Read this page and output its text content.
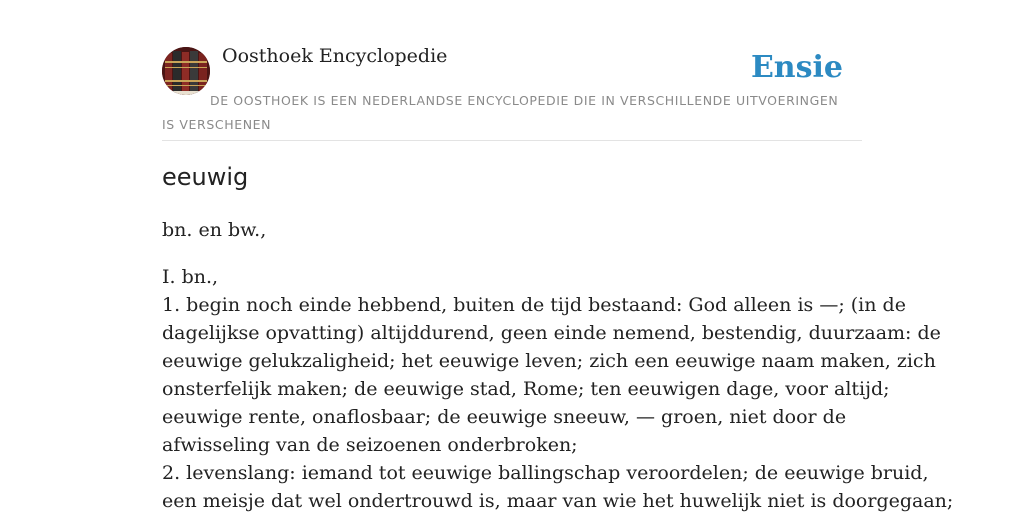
Oosthoek Encyclopedie	Ensie
DE OOSTHOEK IS EEN NEDERLANDSE ENCYCLOPEDIE DIE IN VERSCHILLENDE UITVOERINGEN IS VERSCHENEN
eeuwig

bn. en bw.,

I. bn.,
1. begin noch einde hebbend, buiten de tijd bestaand: God alleen is —; (in de
dagelijkse opvatting) altijddurend, geen einde nemend, bestendig, duurzaam: de
eeuwige gelukzaligheid; het eeuwige leven; zich een eeuwige naam maken, zich
onsterfelijk maken; de eeuwige stad, Rome; ten eeuwigen dage, voor altijd;
eeuwige rente, onaflosbaar; de eeuwige sneeuw, — groen, niet door de
afwisseling van de seizoenen onderbroken;
2. levenslang: iemand tot eeuwige ballingschap veroordelen; de eeuwige bruid,
een meisje dat wel ondertrouwd is, maar van wie het huwelijk niet is doorgegaan;
